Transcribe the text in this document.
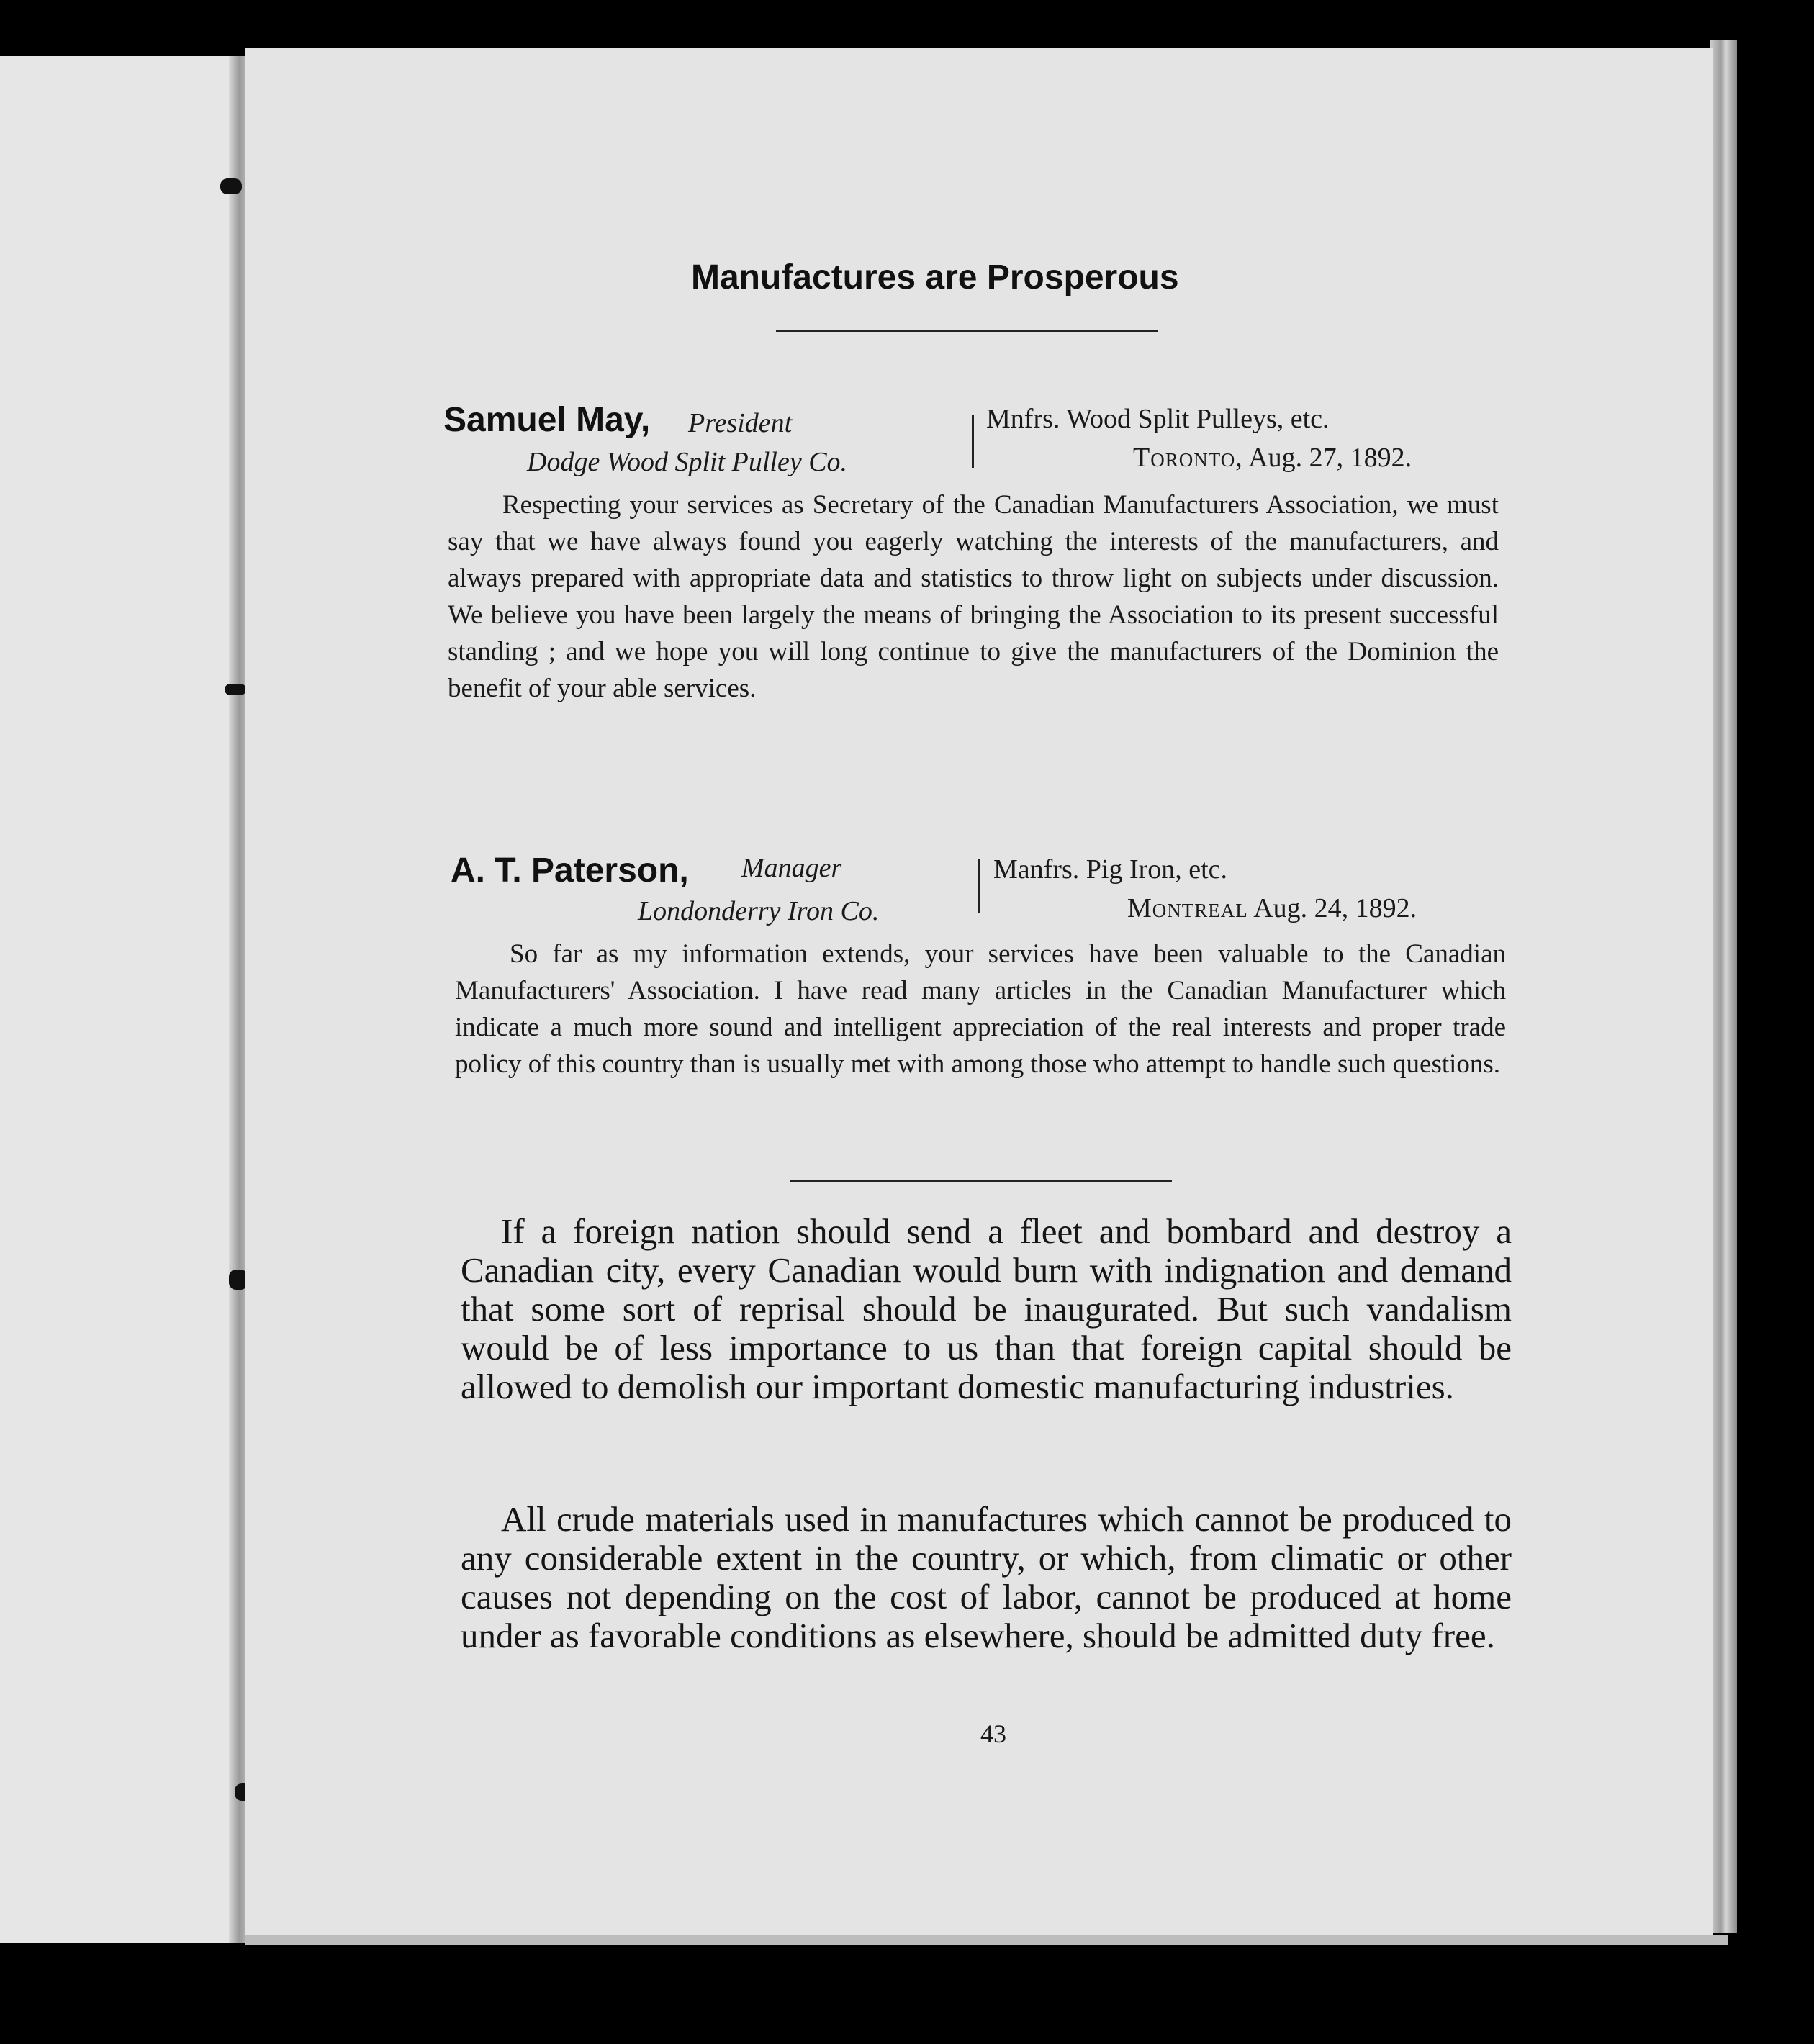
Manufactures are Prosperous
Samuel May, President
Dodge Wood Split Pulley Co.
Mnfrs. Wood Split Pulleys, etc.
Toronto, Aug. 27, 1892.

Respecting your services as Secretary of the Canadian Manufacturers Association, we must say that we have always found you eagerly watching the interests of the manufacturers, and always prepared with appropriate data and statistics to throw light on subjects under discussion. We believe you have been largely the means of bringing the Association to its present successful standing ; and we hope you will long continue to give the manufacturers of the Dominion the benefit of your able services.

A. T. Paterson, Manager
Londonderry Iron Co.
Manfrs. Pig Iron, etc.
Montreal Aug. 24, 1892.

So far as my information extends, your services have been valuable to the Canadian Manufacturers' Association. I have read many articles in the Canadian Manufacturer which indicate a much more sound and intelligent appreciation of the real interests and proper trade policy of this country than is usually met with among those who attempt to handle such questions.

If a foreign nation should send a fleet and bombard and destroy a Canadian city, every Canadian would burn with indignation and demand that some sort of reprisal should be inaugurated. But such vandalism would be of less importance to us than that foreign capital should be allowed to demolish our important domestic manufacturing industries.

All crude materials used in manufactures which cannot be produced to any considerable extent in the country, or which, from climatic or other causes not depending on the cost of labor, cannot be produced at home under as favorable conditions as elsewhere, should be admitted duty free.

43
